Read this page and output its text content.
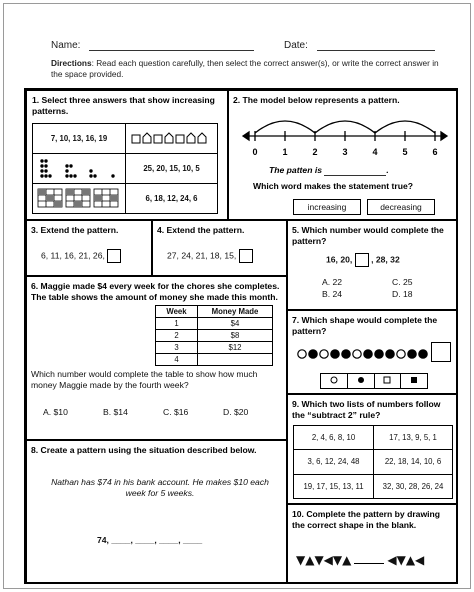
Name:	Date:
Directions: Read each question carefully, then select the correct answer(s), or write the correct answer in the space provided.
1. Select three answers that show increasing patterns.
7, 10, 13, 16, 19	
	25, 20, 15, 10, 5
	6, 18, 12, 24, 6
2. The model below represents a pattern.
0	1	2	3	4	5	6
The patten is	.
Which word makes the statement true?
increasing	decreasing
3. Extend the pattern.
6, 11, 16, 21, 26,
4. Extend the pattern.
27, 24, 21, 18, 15,
5. Which number would complete the pattern?
16, 20, , 28, 32
A. 22	C. 25
B. 24	D. 18
6. Maggie made $4 every week for the chores she completes. The table shows the amount of money she made this month.
Week	Money Made
1	$4
2	$8
3	$12
4	
Which number would complete the table to show how much money Maggie made by the fourth week?
A. $10	B. $14	C. $16	D. $20
7. Which shape would complete the pattern?

8. Create a pattern using the situation described below.
Nathan has $74 in his bank account. He makes $10 each week for 5 weeks.
74, ____, ____, ____, ____
9. Which two lists of numbers follow the “subtract 2” rule?
2, 4, 6, 8, 10	17, 13, 9, 5, 1
3, 6, 12, 24, 48	22, 18, 14, 10, 6
19, 17, 15, 13, 11	32, 30, 28, 26, 24
10. Complete the pattern by drawing the correct shape in the blank.
▼▲▼◀▼▲	◀▼▲◀
